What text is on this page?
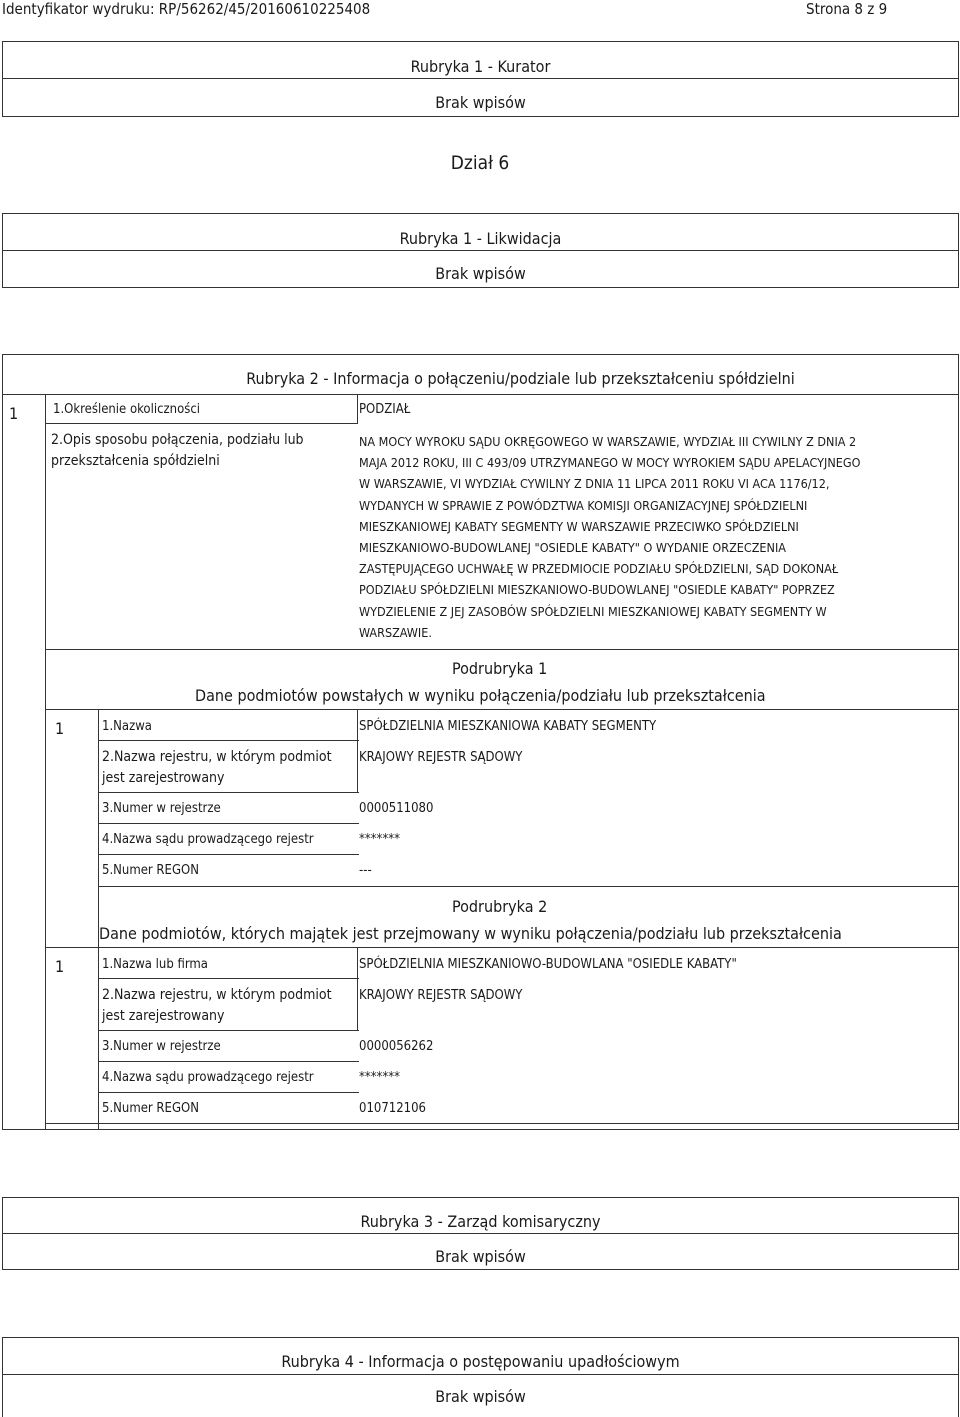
Identyfikator wydruku: RP/56262/45/20160610225408	Strona 8 z 9
Rubryka 1 - Kurator
Brak wpisów
Dział 6
Rubryka 1 - Likwidacja
Brak wpisów
Rubryka 2 - Informacja o połączeniu/podziale lub przekształceniu spółdzielni
1	1.Określenie okoliczności	PODZIAŁ
2.Opis sposobu połączenia, podziału lub
przekształcenia spółdzielni
NA MOCY WYROKU SĄDU OKRĘGOWEGO W WARSZAWIE, WYDZIAŁ III CYWILNY Z DNIA 2
MAJA 2012 ROKU, III C 493/09 UTRZYMANEGO W MOCY WYROKIEM SĄDU APELACYJNEGO
W WARSZAWIE, VI WYDZIAŁ CYWILNY Z DNIA 11 LIPCA 2011 ROKU VI ACA 1176/12,
WYDANYCH W SPRAWIE Z POWÓDZTWA KOMISJI ORGANIZACYJNEJ SPÓŁDZIELNI
MIESZKANIOWEJ KABATY SEGMENTY W WARSZAWIE PRZECIWKO SPÓŁDZIELNI
MIESZKANIOWO-BUDOWLANEJ "OSIEDLE KABATY" O WYDANIE ORZECZENIA
ZASTĘPUJĄCEGO UCHWAŁĘ W PRZEDMIOCIE PODZIAŁU SPÓŁDZIELNI, SĄD DOKONAŁ
PODZIAŁU SPÓŁDZIELNI MIESZKANIOWO-BUDOWLANEJ "OSIEDLE KABATY" POPRZEZ
WYDZIELENIE Z JEJ ZASOBÓW SPÓŁDZIELNI MIESZKANIOWEJ KABATY SEGMENTY W
WARSZAWIE.
Podrubryka 1
Dane podmiotów powstałych w wyniku połączenia/podziału lub przekształcenia
1	1.Nazwa	SPÓŁDZIELNIA MIESZKANIOWA KABATY SEGMENTY
2.Nazwa rejestru, w którym podmiot
jest zarejestrowany
KRAJOWY REJESTR SĄDOWY
3.Numer w rejestrze	0000511080
4.Nazwa sądu prowadzącego rejestr	*******
5.Numer REGON	---
Podrubryka 2
Dane podmiotów, których majątek jest przejmowany w wyniku połączenia/podziału lub przekształcenia
1	1.Nazwa lub firma	SPÓŁDZIELNIA MIESZKANIOWO-BUDOWLANA "OSIEDLE KABATY"
2.Nazwa rejestru, w którym podmiot
jest zarejestrowany
KRAJOWY REJESTR SĄDOWY
3.Numer w rejestrze	0000056262
4.Nazwa sądu prowadzącego rejestr	*******
5.Numer REGON	010712106
Rubryka 3 - Zarząd komisaryczny
Brak wpisów
Rubryka 4 - Informacja o postępowaniu upadłościowym
Brak wpisów
